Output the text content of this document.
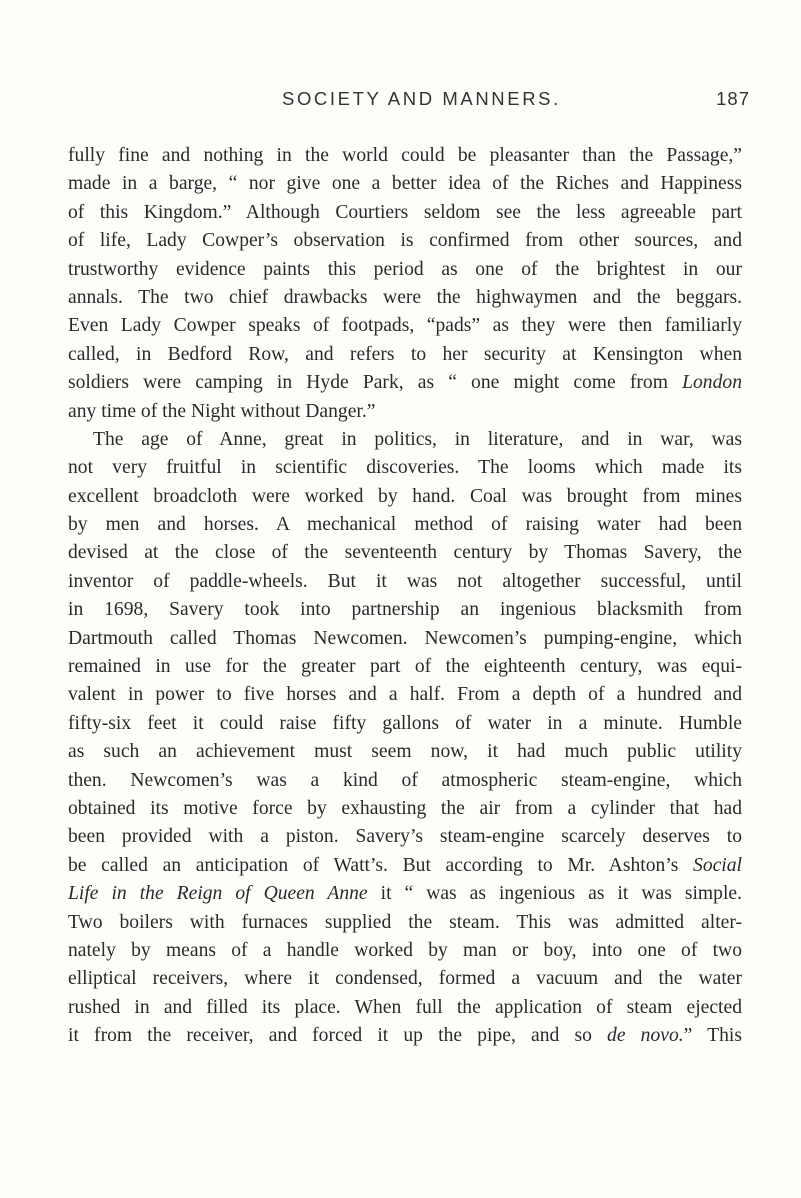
SOCIETY AND MANNERS.	187
fully fine and nothing in the world could be pleasanter than the Passage,”
made in a barge, “ nor give one a better idea of the Riches and Happiness
of this Kingdom.” Although Courtiers seldom see the less agreeable part
of life, Lady Cowper’s observation is confirmed from other sources, and
trustworthy evidence paints this period as one of the brightest in our
annals. The two chief drawbacks were the highwaymen and the beggars.
Even Lady Cowper speaks of footpads, “pads” as they were then familiarly
called, in Bedford Row, and refers to her security at Kensington when
soldiers were camping in Hyde Park, as “ one might come from London
any time of the Night without Danger.”
The age of Anne, great in politics, in literature, and in war, was
not very fruitful in scientific discoveries. The looms which made its
excellent broadcloth were worked by hand. Coal was brought from mines
by men and horses. A mechanical method of raising water had been
devised at the close of the seventeenth century by Thomas Savery, the
inventor of paddle-wheels. But it was not altogether successful, until
in 1698, Savery took into partnership an ingenious blacksmith from
Dartmouth called Thomas Newcomen. Newcomen’s pumping-engine, which
remained in use for the greater part of the eighteenth century, was equi-
valent in power to five horses and a half. From a depth of a hundred and
fifty-six feet it could raise fifty gallons of water in a minute. Humble
as such an achievement must seem now, it had much public utility
then. Newcomen’s was a kind of atmospheric steam-engine, which
obtained its motive force by exhausting the air from a cylinder that had
been provided with a piston. Savery’s steam-engine scarcely deserves to
be called an anticipation of Watt’s. But according to Mr. Ashton’s Social
Life in the Reign of Queen Anne it “ was as ingenious as it was simple.
Two boilers with furnaces supplied the steam. This was admitted alter-
nately by means of a handle worked by man or boy, into one of two
elliptical receivers, where it condensed, formed a vacuum and the water
rushed in and filled its place. When full the application of steam ejected
it from the receiver, and forced it up the pipe, and so de novo.” This
